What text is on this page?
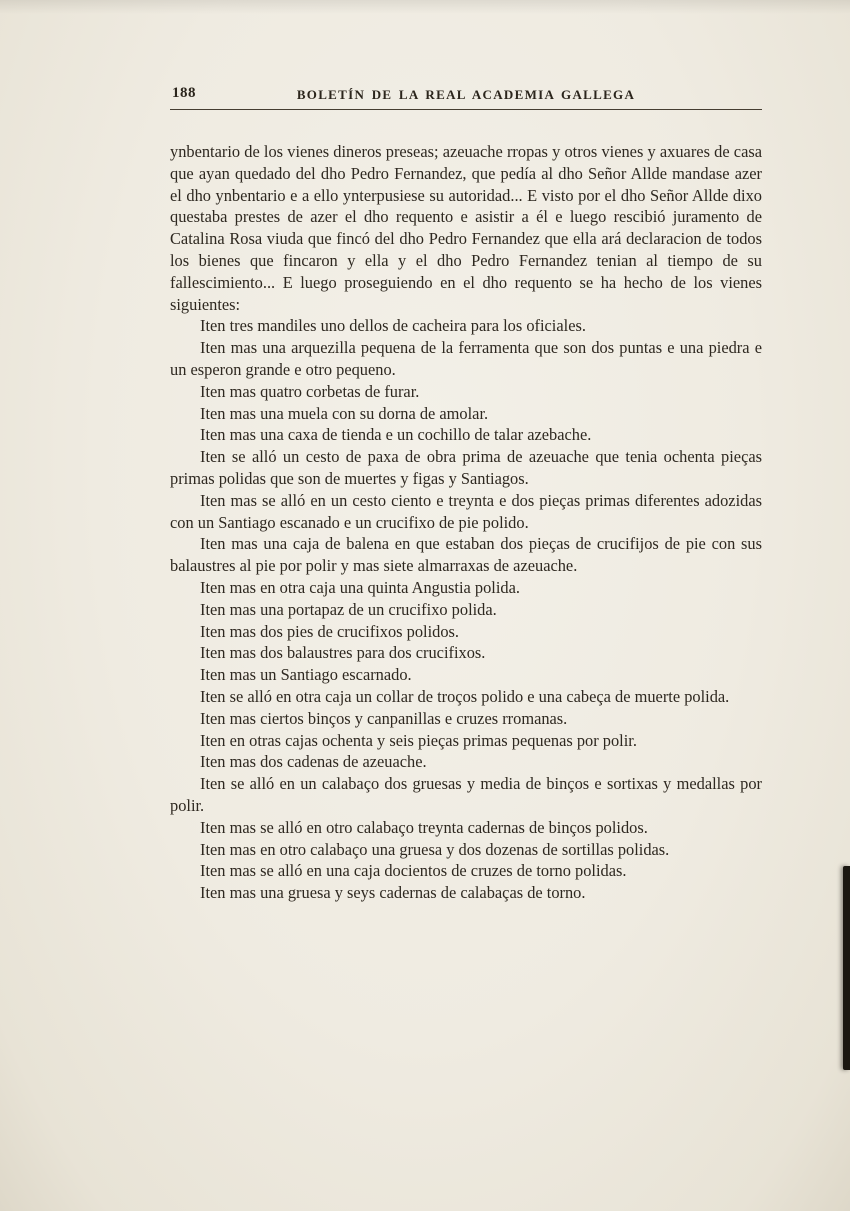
188	BOLETÍN DE LA REAL ACADEMIA GALLEGA

ynbentario de los vienes dineros preseas; azeuache rropas y otros vienes y axuares de casa que ayan quedado del dho Pedro Fernandez, que pedía al dho Señor Allde mandase azer el dho ynbentario e a ello ynterpusiese su autoridad... E visto por el dho Señor Allde dixo questaba prestes de azer el dho requento e asistir a él e luego rescibió juramento de Catalina Rosa viuda que fincó del dho Pedro Fernandez que ella ará declaracion de todos los bienes que fincaron y ella y el dho Pedro Fernandez tenian al tiempo de su fallescimiento... E luego proseguiendo en el dho requento se ha hecho de los vienes siguientes:

Iten tres mandiles uno dellos de cacheira para los oficiales.

Iten mas una arquezilla pequena de la ferramenta que son dos puntas e una piedra e un esperon grande e otro pequeno.

Iten mas quatro corbetas de furar.

Iten mas una muela con su dorna de amolar.

Iten mas una caxa de tienda e un cochillo de talar azebache.

Iten se alló un cesto de paxa de obra prima de azeuache que tenia ochenta pieças primas polidas que son de muertes y figas y Santiagos.

Iten mas se alló en un cesto ciento e treynta e dos pieças primas diferentes adozidas con un Santiago escanado e un crucifixo de pie polido.

Iten mas una caja de balena en que estaban dos pieças de crucifijos de pie con sus balaustres al pie por polir y mas siete almarraxas de azeuache.

Iten mas en otra caja una quinta Angustia polida.

Iten mas una portapaz de un crucifixo polida.

Iten mas dos pies de crucifixos polidos.

Iten mas dos balaustres para dos crucifixos.

Iten mas un Santiago escarnado.

Iten se alló en otra caja un collar de troços polido e una cabeça de muerte polida.

Iten mas ciertos binços y canpanillas e cruzes rromanas.

Iten en otras cajas ochenta y seis pieças primas pequenas por polir.

Iten mas dos cadenas de azeuache.

Iten se alló en un calabaço dos gruesas y media de binços e sortixas y medallas por polir.

Iten mas se alló en otro calabaço treynta cadernas de binços polidos.

Iten mas en otro calabaço una gruesa y dos dozenas de sortillas polidas.

Iten mas se alló en una caja docientos de cruzes de torno polidas.

Iten mas una gruesa y seys cadernas de calabaças de torno.
